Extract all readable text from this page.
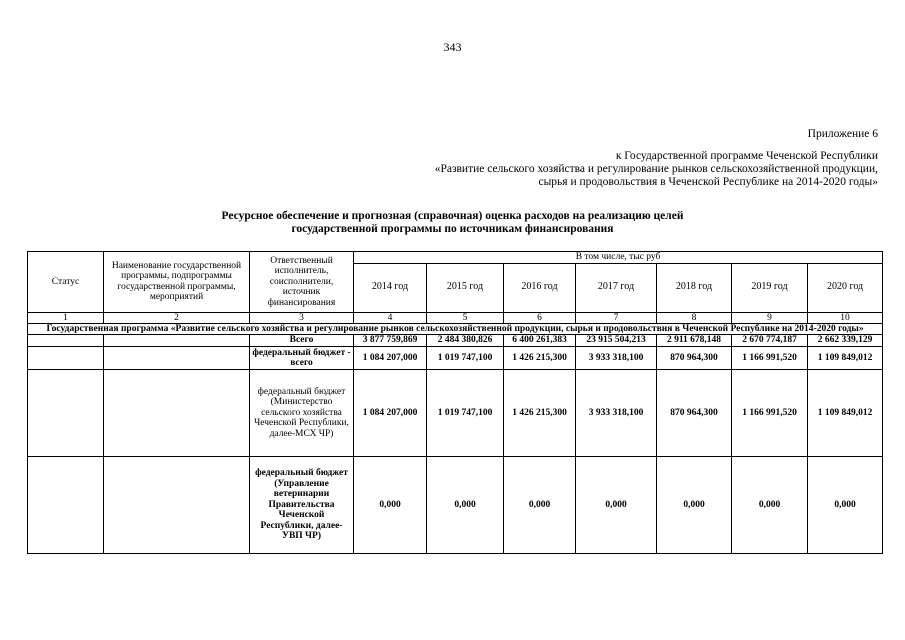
343
Приложение 6
к Государственной программе Чеченской Республики
«Развитие сельского хозяйства и регулирование рынков сельскохозяйственной продукции,
сырья и продовольствия в Чеченской Республике на 2014-2020 годы»
Ресурсное обеспечение и прогнозная (справочная) оценка расходов на реализацию целей
государственной программы по источникам финансирования
Статус	Наименование государственной программы, подпрограммы государственной программы, мероприятий	Ответственный исполнитель, соисполнители, источник финансирования	В том числе, тыс руб						
			2014 год	2015 год	2016 год	2017 год	2018 год	2019 год	2020 год
1	2	3	4	5	6	7	8	9	10
Государственная программа «Развитие сельского хозяйства и регулирование рынков сельскохозяйственной продукции, сырья и продовольствия в Чеченской Республике на 2014-2020 годы»									
		Всего	3 877 759,869	2 484 380,826	6 400 261,383	23 915 504,213	2 911 678,148	2 670 774,187	2 662 339,129
		федеральный бюджет - всего	1 084 207,000	1 019 747,100	1 426 215,300	3 933 318,100	870 964,300	1 166 991,520	1 109 849,012
		федеральный бюджет (Министерство сельского хозяйства Чеченской Республики, далее-МСХ ЧР)	1 084 207,000	1 019 747,100	1 426 215,300	3 933 318,100	870 964,300	1 166 991,520	1 109 849,012
		федеральный бюджет (Управление ветеринарии Правительства Чеченской Республики, далее-УВП ЧР)	0,000	0,000	0,000	0,000	0,000	0,000	0,000
